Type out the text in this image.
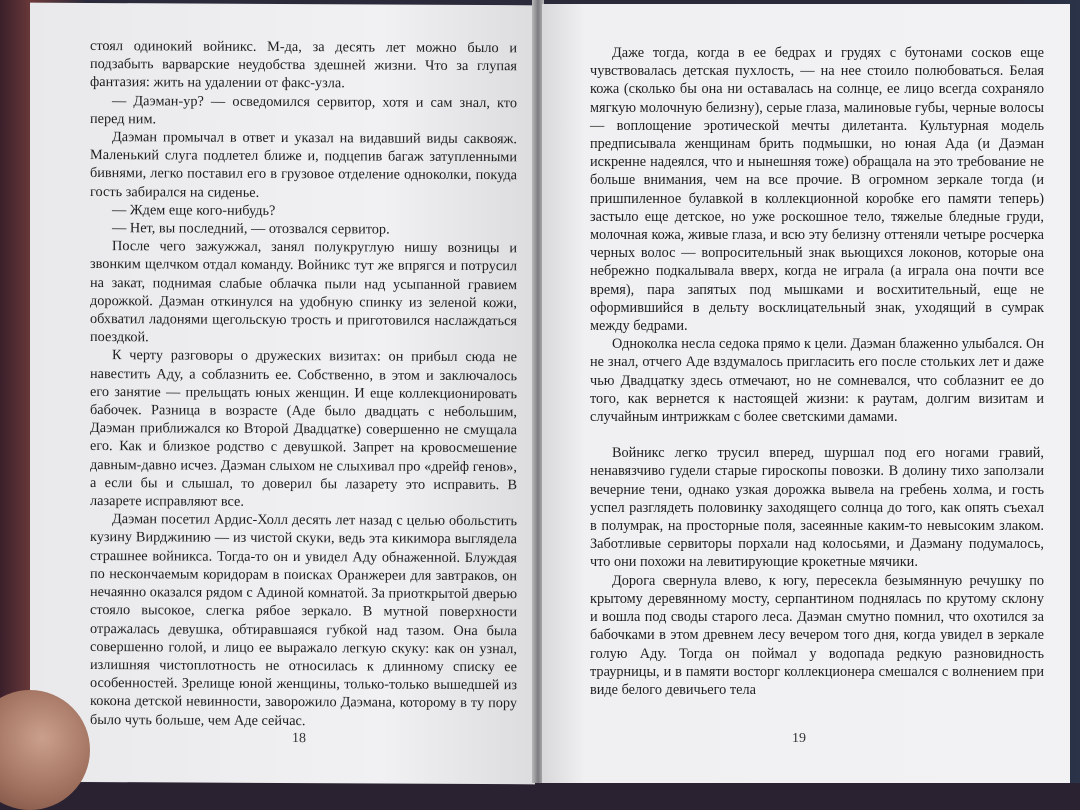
стоял одинокий войникс. М-да, за десять лет можно было и подзабыть варварские неудобства здешней жизни. Что за глупая фантазия: жить на удалении от факс-узла.

— Даэман-ур? — осведомился сервитор, хотя и сам знал, кто перед ним.

Даэман промычал в ответ и указал на видавший виды саквояж. Маленький слуга подлетел ближе и, подцепив багаж затупленными бивнями, легко поставил его в грузовое отделение одноколки, покуда гость забирался на сиденье.

— Ждем еще кого-нибудь?

— Нет, вы последний, — отозвался сервитор.

После чего зажужжал, занял полукруглую нишу возницы и звонким щелчком отдал команду. Войникс тут же впрягся и потрусил на закат, поднимая слабые облачка пыли над усыпанной гравием дорожкой. Даэман откинулся на удобную спинку из зеленой кожи, обхватил ладонями щегольскую трость и приготовился наслаждаться поездкой.

К черту разговоры о дружеских визитах: он прибыл сюда не навестить Аду, а соблазнить ее. Собственно, в этом и заключалось его занятие — прельщать юных женщин. И еще коллекционировать бабочек. Разница в возрасте (Аде было двадцать с небольшим, Даэман приближался ко Второй Двадцатке) совершенно не смущала его. Как и близкое родство с девушкой. Запрет на кровосмешение давным-давно исчез. Даэман слыхом не слыхивал про «дрейф генов», а если бы и слышал, то доверил бы лазарету это исправить. В лазарете исправляют все.

Даэман посетил Ардис-Холл десять лет назад с целью обольстить кузину Вирджинию — из чистой скуки, ведь эта кикимора выглядела страшнее войникса. Тогда-то он и увидел Аду обнаженной. Блуждая по нескончаемым коридорам в поисках Оранжереи для завтраков, он нечаянно оказался рядом с Адиной комнатой. За приоткрытой дверью стояло высокое, слегка рябое зеркало. В мутной поверхности отражалась девушка, обтиравшаяся губкой над тазом. Она была совершенно голой, и лицо ее выражало легкую скуку: как он узнал, излишняя чистоплотность не относилась к длинному списку ее особенностей. Зрелище юной женщины, только-только вышедшей из кокона детской невинности, заворожило Даэмана, которому в ту пору было чуть больше, чем Аде сейчас.

18

Даже тогда, когда в ее бедрах и грудях с бутонами сосков еще чувствовалась детская пухлость, — на нее стоило полюбоваться. Белая кожа (сколько бы она ни оставалась на солнце, ее лицо всегда сохраняло мягкую молочную белизну), серые глаза, малиновые губы, черные волосы — воплощение эротической мечты дилетанта. Культурная модель предписывала женщинам брить подмышки, но юная Ада (и Даэман искренне надеялся, что и нынешняя тоже) обращала на это требование не больше внимания, чем на все прочие. В огромном зеркале тогда (и пришпиленное булавкой в коллекционной коробке его памяти теперь) застыло еще детское, но уже роскошное тело, тяжелые бледные груди, молочная кожа, живые глаза, и всю эту белизну оттеняли четыре росчерка черных волос — вопросительный знак вьющихся локонов, которые она небрежно подкалывала вверх, когда не играла (а играла она почти все время), пара запятых под мышками и восхитительный, еще не оформившийся в дельту восклицательный знак, уходящий в сумрак между бедрами.

Одноколка несла седока прямо к цели. Даэман блаженно улыбался. Он не знал, отчего Аде вздумалось пригласить его после стольких лет и даже чью Двадцатку здесь отмечают, но не сомневался, что соблазнит ее до того, как вернется к настоящей жизни: к раутам, долгим визитам и случайным интрижкам с более светскими дамами.

Войникс легко трусил вперед, шуршал под его ногами гравий, ненавязчиво гудели старые гироскопы повозки. В долину тихо заползали вечерние тени, однако узкая дорожка вывела на гребень холма, и гость успел разглядеть половинку заходящего солнца до того, как опять съехал в полумрак, на просторные поля, засеянные каким-то невысоким злаком. Заботливые сервиторы порхали над колосьями, и Даэману подумалось, что они похожи на левитирующие крокетные мячики.

Дорога свернула влево, к югу, пересекла безымянную речушку по крытому деревянному мосту, серпантином поднялась по крутому склону и вошла под своды старого леса. Даэман смутно помнил, что охотился за бабочками в этом древнем лесу вечером того дня, когда увидел в зеркале голую Аду. Тогда он поймал у водопада редкую разновидность траурницы, и в памяти восторг коллекционера смешался с волнением при виде белого девичьего тела

19
